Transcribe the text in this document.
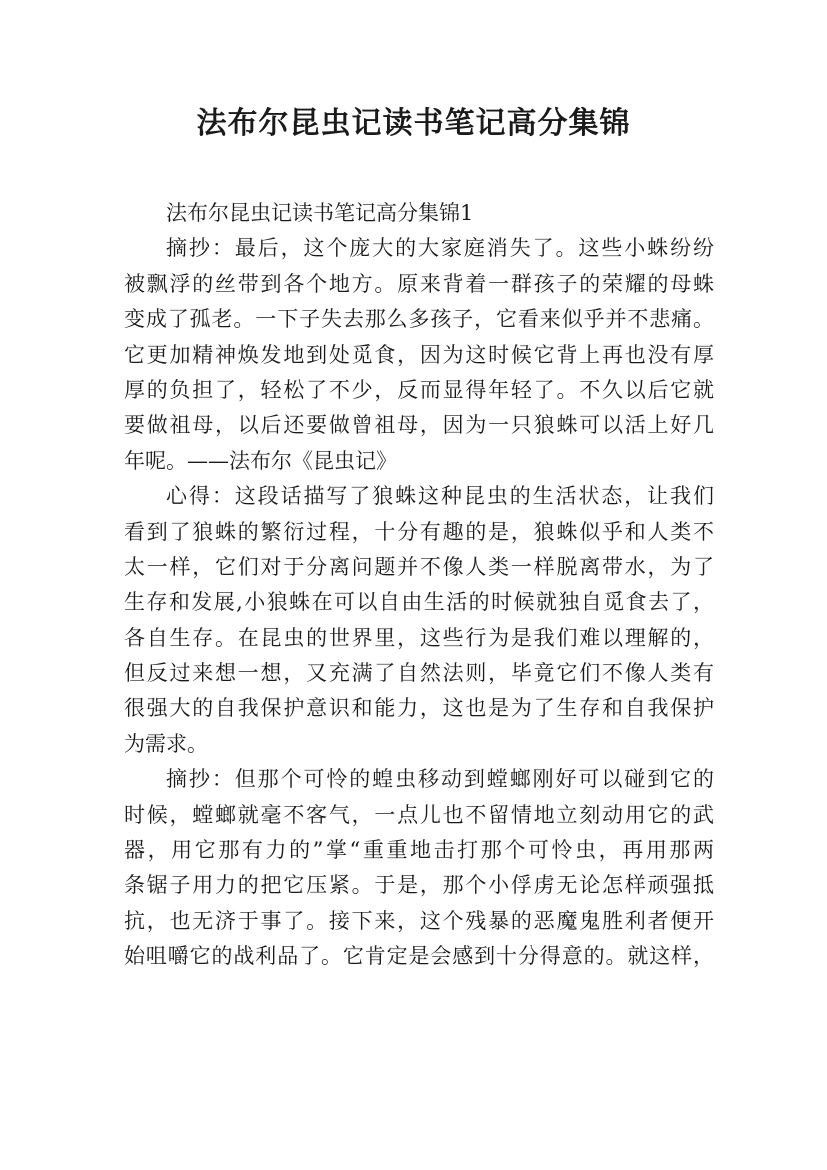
法布尔昆虫记读书笔记高分集锦
法布尔昆虫记读书笔记高分集锦1
摘抄：最后，这个庞大的大家庭消失了。这些小蛛纷纷
被飘浮的丝带到各个地方。原来背着一群孩子的荣耀的母蛛
变成了孤老。一下子失去那么多孩子，它看来似乎并不悲痛。
它更加精神焕发地到处觅食，因为这时候它背上再也没有厚
厚的负担了，轻松了不少，反而显得年轻了。不久以后它就
要做祖母，以后还要做曾祖母，因为一只狼蛛可以活上好几
年呢。——法布尔《昆虫记》
心得：这段话描写了狼蛛这种昆虫的生活状态，让我们
看到了狼蛛的繁衍过程，十分有趣的是，狼蛛似乎和人类不
太一样，它们对于分离问题并不像人类一样脱离带水，为了
生存和发展,小狼蛛在可以自由生活的时候就独自觅食去了，
各自生存。在昆虫的世界里，这些行为是我们难以理解的，
但反过来想一想，又充满了自然法则，毕竟它们不像人类有
很强大的自我保护意识和能力，这也是为了生存和自我保护
为需求。
摘抄：但那个可怜的蝗虫移动到螳螂刚好可以碰到它的
时候，螳螂就毫不客气，一点儿也不留情地立刻动用它的武
器，用它那有力的”掌“重重地击打那个可怜虫，再用那两
条锯子用力的把它压紧。于是，那个小俘虏无论怎样顽强抵
抗，也无济于事了。接下来，这个残暴的恶魔鬼胜利者便开
始咀嚼它的战利品了。它肯定是会感到十分得意的。就这样，
